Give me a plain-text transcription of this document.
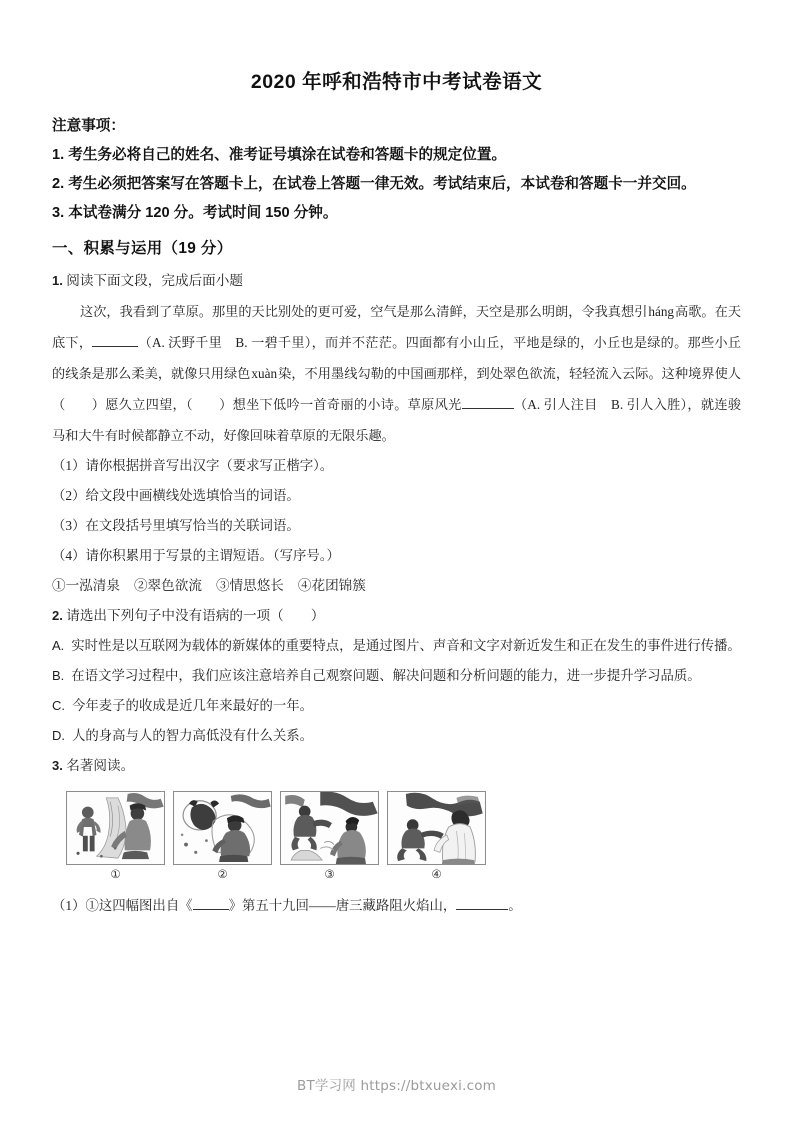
2020 年呼和浩特市中考试卷语文

注意事项：

1. 考生务必将自己的姓名、准考证号填涂在试卷和答题卡的规定位置。

2. 考生必须把答案写在答题卡上，在试卷上答题一律无效。考试结束后，本试卷和答题卡一并交回。

3. 本试卷满分 120 分。考试时间 150 分钟。

一、积累与运用（19 分）

1. 阅读下面文段，完成后面小题

这次，我看到了草原。那里的天比别处的更可爱，空气是那么清鲜，天空是那么明朗，令我真想引háng高歌。在天底下，	（A. 沃野千里　B. 一碧千里），而并不茫茫。四面都有小山丘，平地是绿的，小丘也是绿的。那些小丘的线条是那么柔美，就像只用绿色xuàn染，不用墨线勾勒的中国画那样，到处翠色欲流，轻轻流入云际。这种境界使人（ ）愿久立四望，（ ）想坐下低吟一首奇丽的小诗。草原风光	（A. 引人注目　B. 引人入胜），就连骏马和大牛有时候都静立不动，好像回味着草原的无限乐趣。

（1）请你根据拼音写出汉字（要求写正楷字）。

（2）给文段中画横线处选填恰当的词语。

（3）在文段括号里填写恰当的关联词语。

（4）请你积累用于写景的主谓短语。（写序号。）

①一泓清泉 ②翠色欲流 ③情思悠长 ④花团锦簇

2. 请选出下列句子中没有语病的一项（　　）

A. 实时性是以互联网为载体的新媒体的重要特点，是通过图片、声音和文字对新近发生和正在发生的事件进行传播。

B. 在语文学习过程中，我们应该注意培养自己观察问题、解决问题和分析问题的能力，进一步提升学习品质。

C. 今年麦子的收成是近几年来最好的一年。

D. 人的身高与人的智力高低没有什么关系。

3. 名著阅读。

①	②	③	④

（1）①这四幅图出自《	》第五十九回——唐三藏路阻火焰山，	。

BT学习网 https://btxuexi.com
